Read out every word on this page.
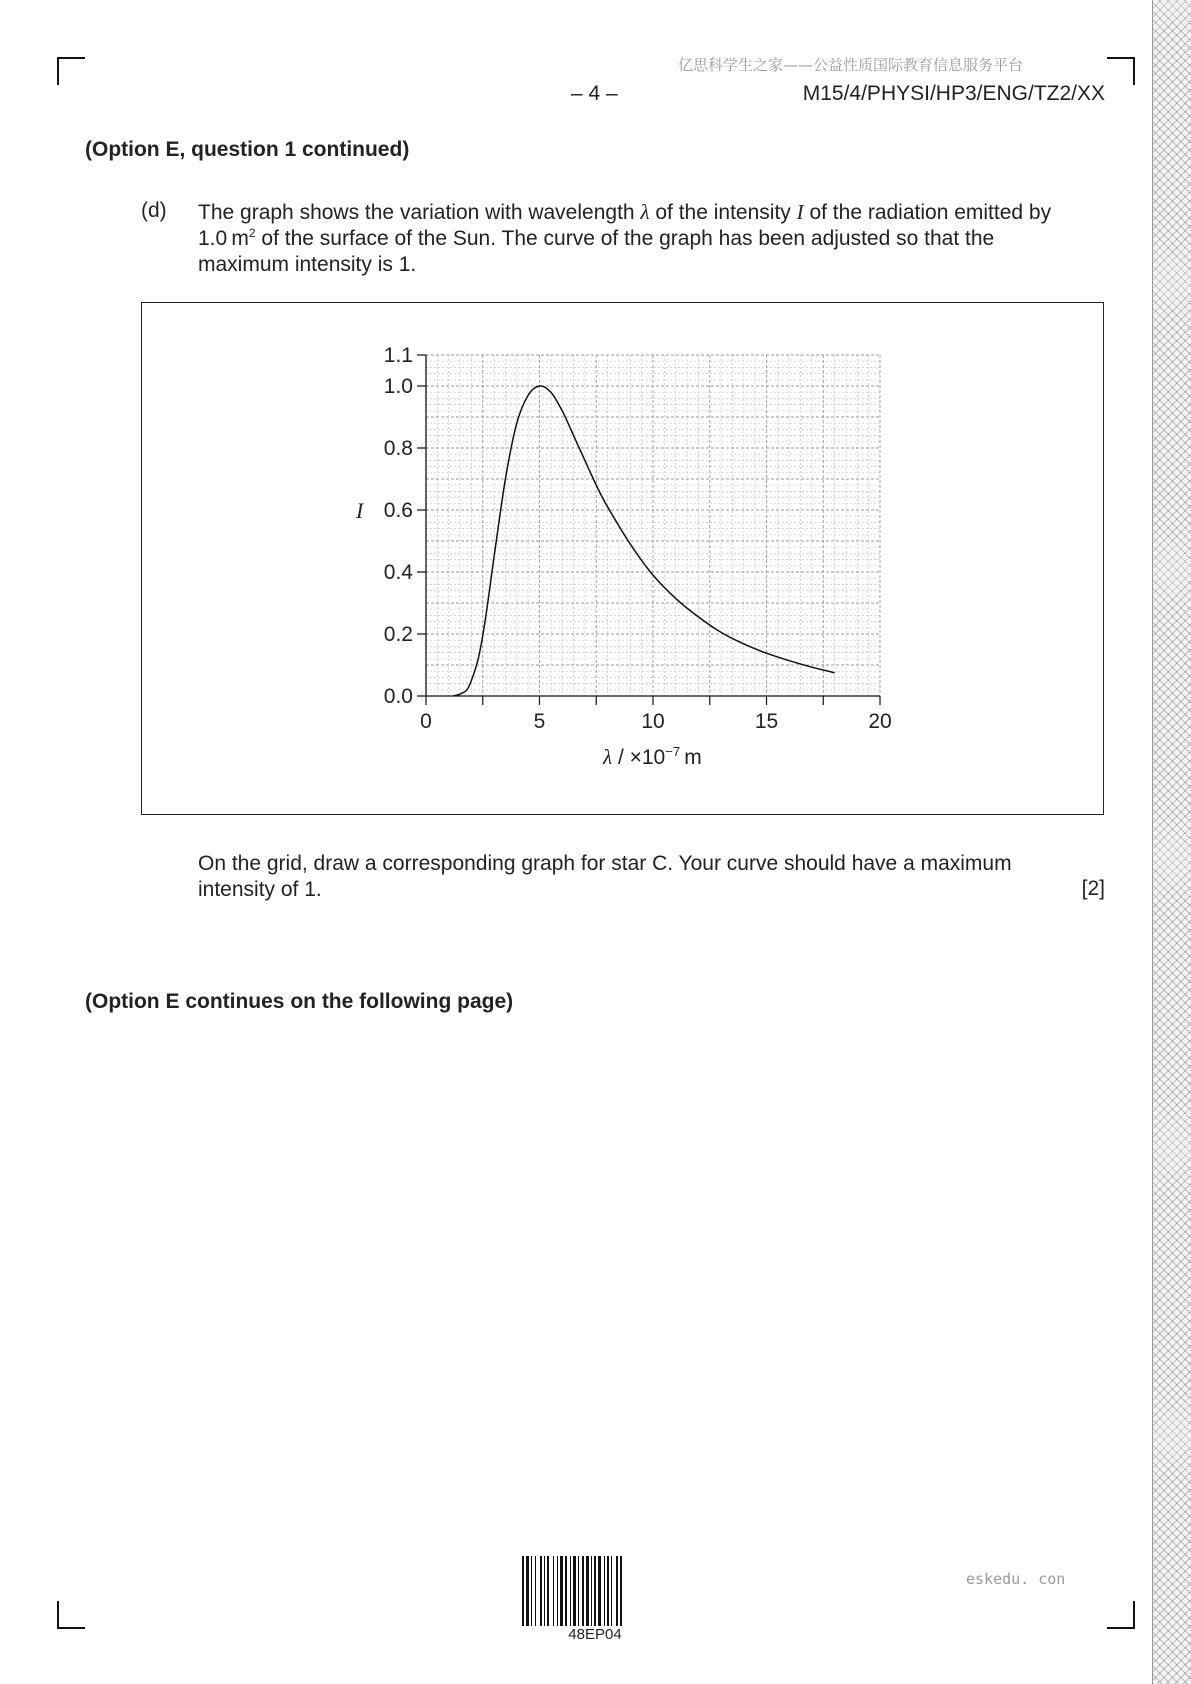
亿思科学生之家——公益性质国际教育信息服务平台
– 4 –	M15/4/PHYSI/HP3/ENG/TZ2/XX
(Option E, question 1 continued)
(d) The graph shows the variation with wavelength λ of the intensity I of the radiation emitted by 1.0 $m^2$ of the surface of the Sun. The curve of the graph has been adjusted so that the maximum intensity is 1.
0	5	10	15	20
0.0
0.2
0.4
0.6
0.8
1.0
1.1
I
$\lambda / \times 10^{-7}$ m
On the grid, draw a corresponding graph for star C. Your curve should have a maximum intensity of 1.	[2]
(Option E continues on the following page)
48EP04
eskedu. con
